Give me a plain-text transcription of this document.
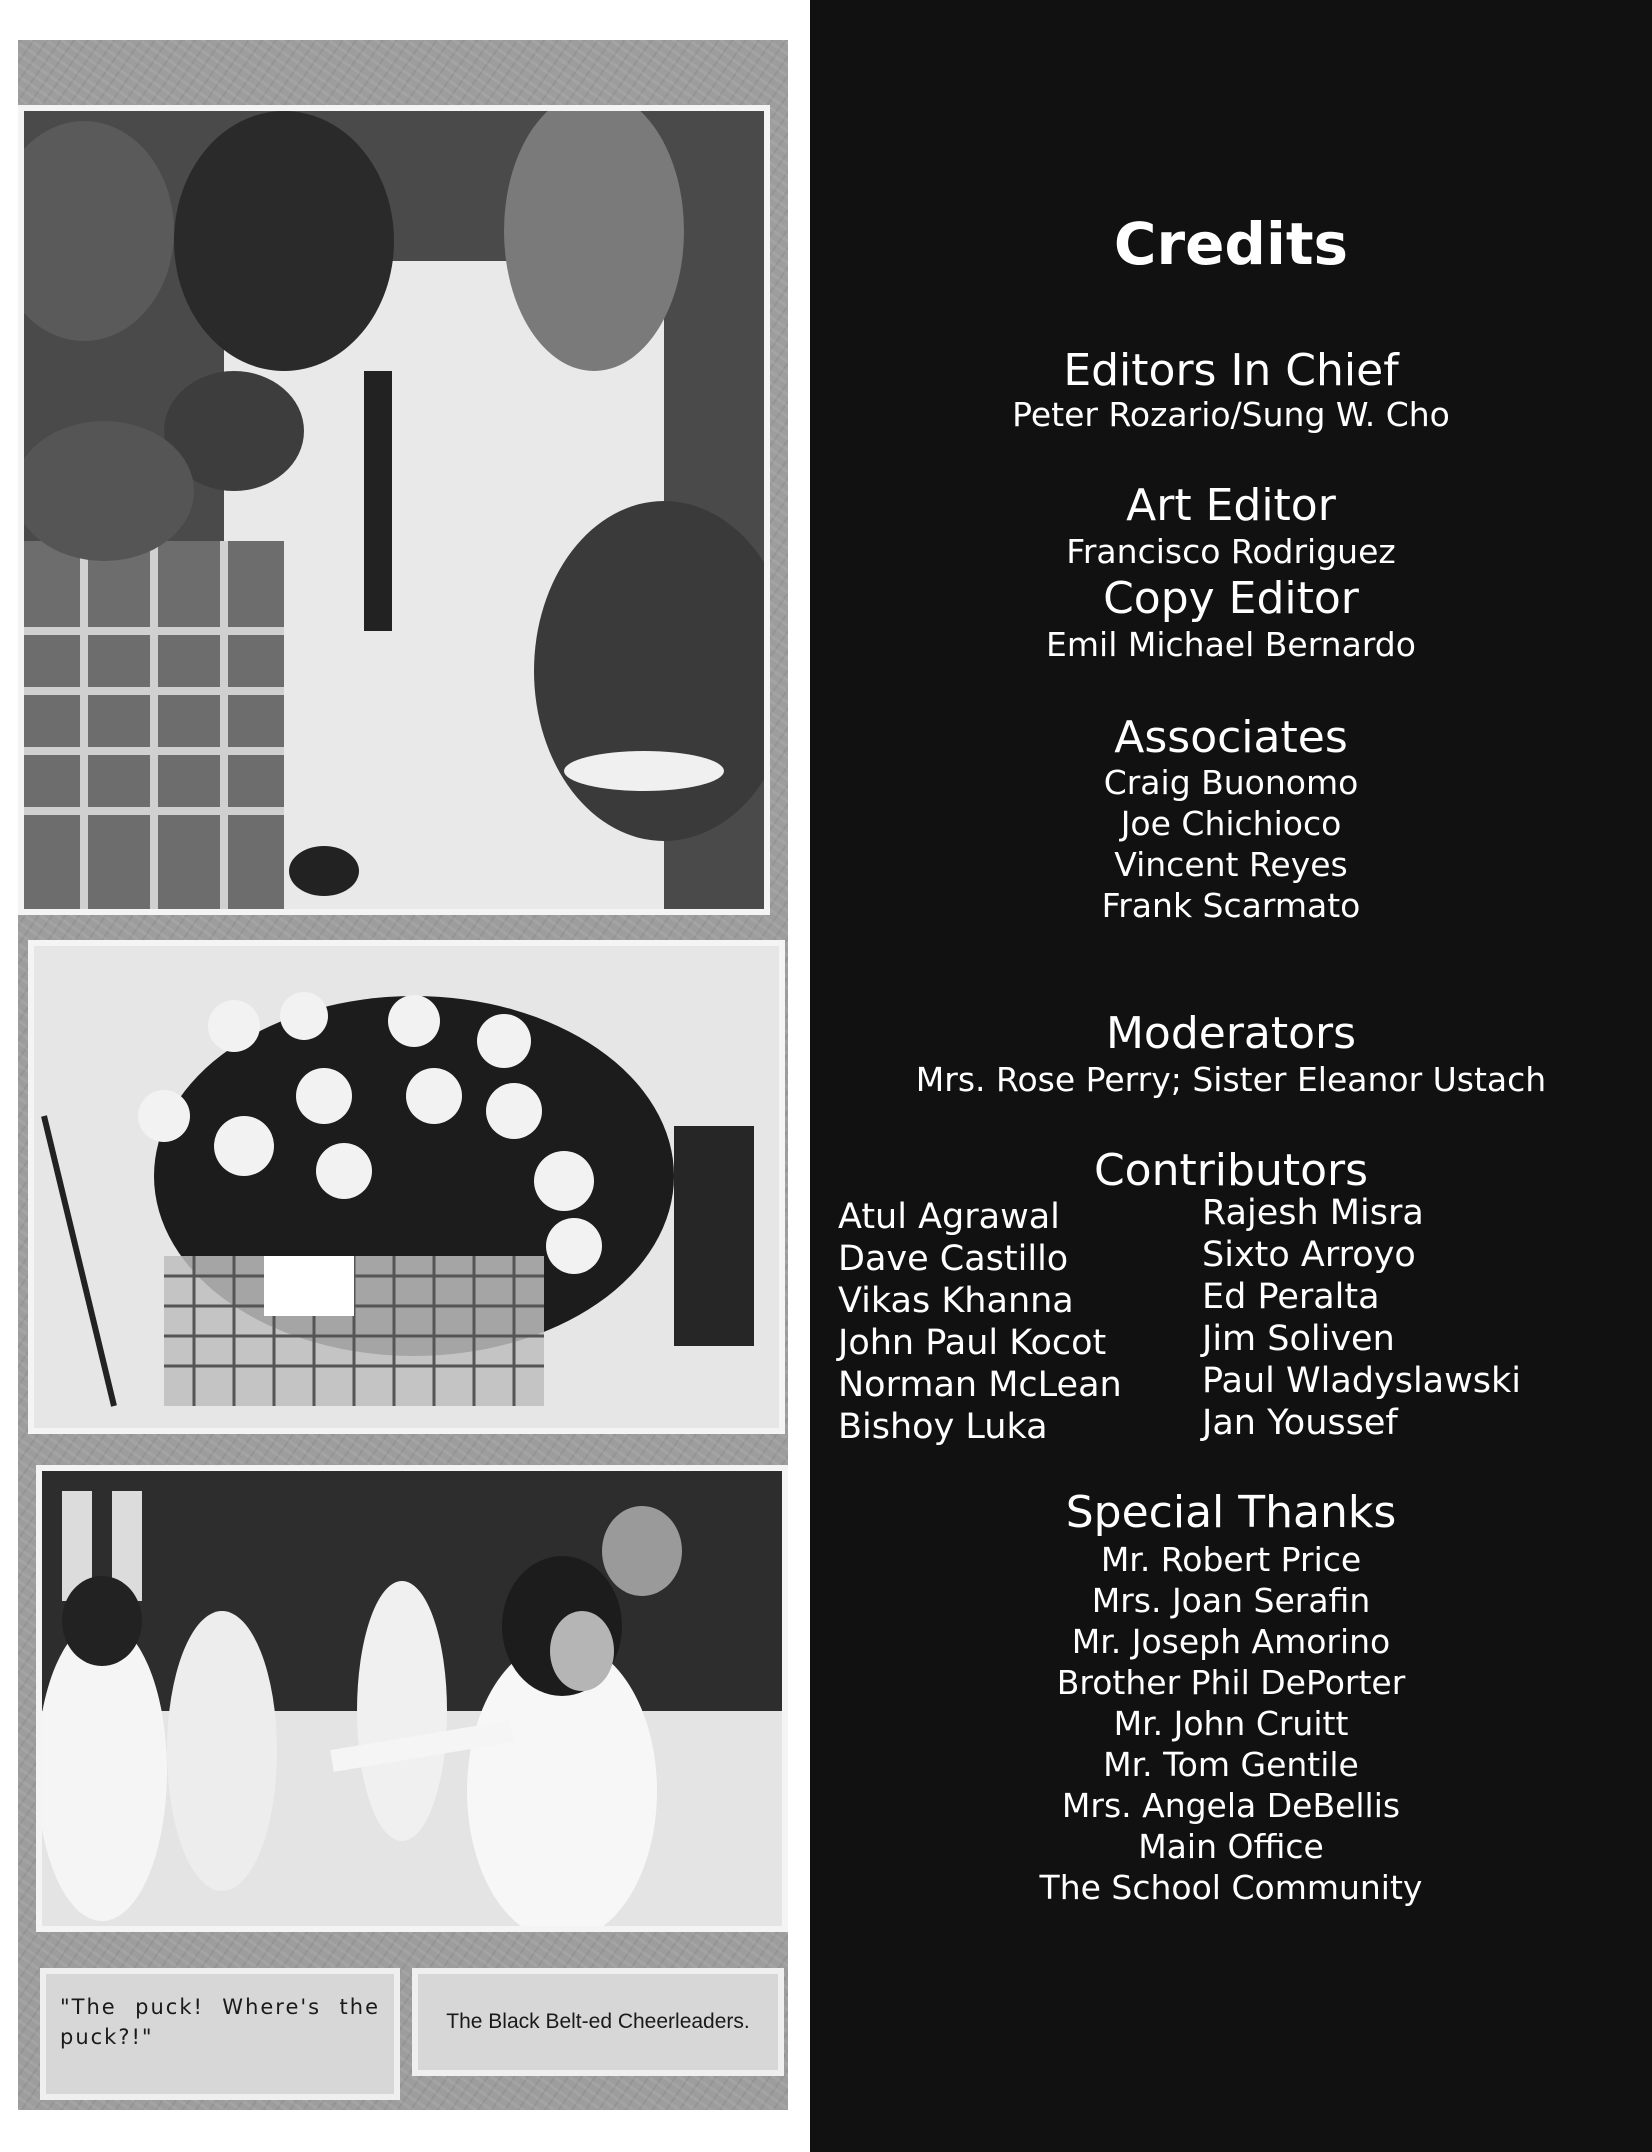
"The puck! Where's the puck?!"
The Black Belt-ed Cheerleaders.
Credits
Editors In Chief

Peter Rozario/Sung W. Cho

Art Editor

Francisco Rodriguez

Copy Editor

Emil Michael Bernardo

Associates

Craig Buonomo

Joe Chichioco

Vincent Reyes

Frank Scarmato

Moderators

Mrs. Rose Perry; Sister Eleanor Ustach

Contributors
Atul Agrawal
Dave Castillo
Vikas Khanna
John Paul Kocot
Norman McLean
Bishoy Luka
Rajesh Misra
Sixto Arroyo
Ed Peralta
Jim Soliven
Paul Wladyslawski
Jan Youssef
Special Thanks

Mr. Robert Price

Mrs. Joan Serafin

Mr. Joseph Amorino

Brother Phil DePorter

Mr. John Cruitt

Mr. Tom Gentile

Mrs. Angela DeBellis

Main Office

The School Community
